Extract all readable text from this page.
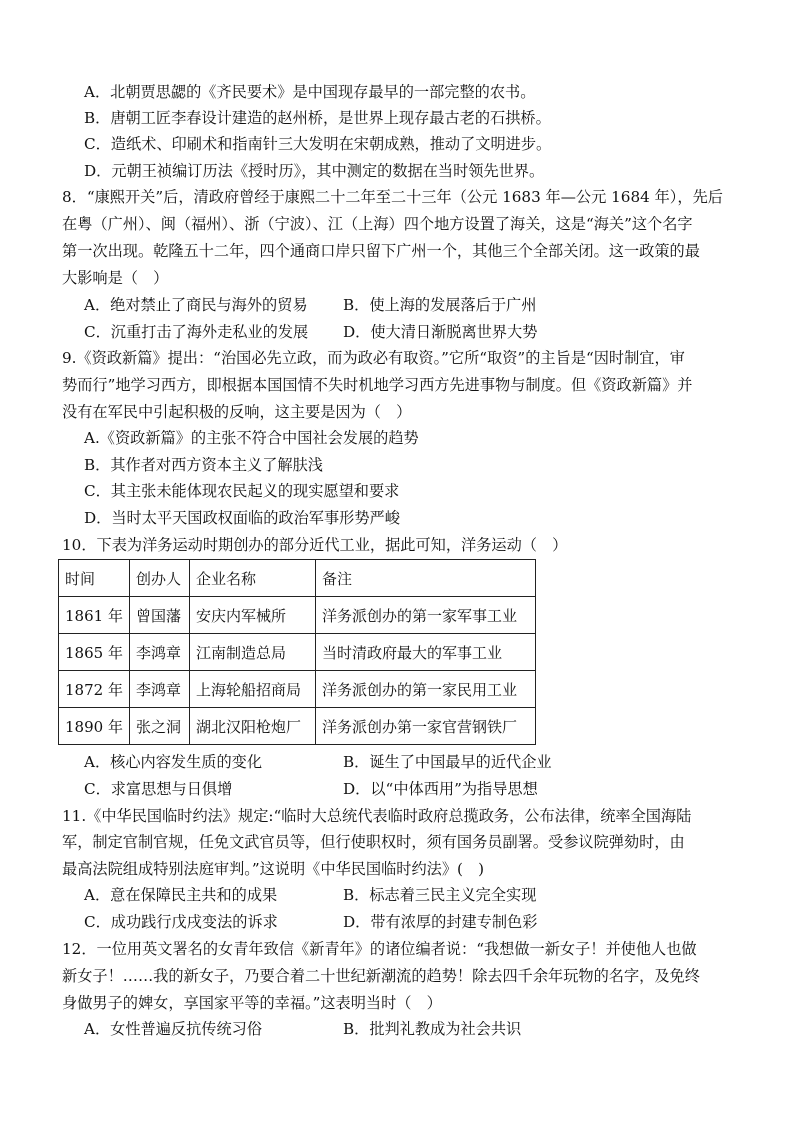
A．北朝贾思勰的《齐民要术》是中国现存最早的一部完整的农书。
B．唐朝工匠李春设计建造的赵州桥，是世界上现存最古老的石拱桥。
C．造纸术、印刷术和指南针三大发明在宋朝成熟，推动了文明进步。
D．元朝王祯编订历法《授时历》，其中测定的数据在当时领先世界。
8．“康熙开关”后，清政府曾经于康熙二十二年至二十三年（公元 1683 年—公元 1684 年），先后
在粤（广州）、闽（福州）、浙（宁波）、江（上海）四个地方设置了海关，这是“海关”这个名字
第一次出现。乾隆五十二年，四个通商口岸只留下广州一个，其他三个全部关闭。这一政策的最
大影响是（　）
A．绝对禁止了商民与海外的贸易 B．使上海的发展落后于广州
C．沉重打击了海外走私业的发展 D．使大清日渐脱离世界大势
9.《资政新篇》提出：“治国必先立政，而为政必有取资。”它所“取资”的主旨是“因时制宜，审
势而行”地学习西方，即根据本国国情不失时机地学习西方先进事物与制度。但《资政新篇》并
没有在军民中引起积极的反响，这主要是因为（　）
A.《资政新篇》的主张不符合中国社会发展的趋势
B．其作者对西方资本主义了解肤浅
C．其主张未能体现农民起义的现实愿望和要求
D．当时太平天国政权面临的政治军事形势严峻
10．下表为洋务运动时期创办的部分近代工业，据此可知，洋务运动（　）
时间	创办人	企业名称	备注
1861 年	曾国藩	安庆内军械所	洋务派创办的第一家军事工业
1865 年	李鸿章	江南制造总局	当时清政府最大的军事工业
1872 年	李鸿章	上海轮船招商局	洋务派创办的第一家民用工业
1890 年	张之洞	湖北汉阳枪炮厂	洋务派创办第一家官营钢铁厂
A．核心内容发生质的变化	B．诞生了中国最早的近代企业
C．求富思想与日俱增	D．以“中体西用”为指导思想
11.《中华民国临时约法》规定:“临时大总统代表临时政府总揽政务，公布法律，统率全国海陆
军，制定官制官规，任免文武官员等，但行使职权时，须有国务员副署。受参议院弹劾时，由
最高法院组成特别法庭审判。”这说明《中华民国临时约法》(　)
A．意在保障民主共和的成果	B．标志着三民主义完全实现
C．成功践行戊戌变法的诉求	D．带有浓厚的封建专制色彩
12．一位用英文署名的女青年致信《新青年》的诸位编者说：“我想做一新女子！并使他人也做
新女子！……我的新女子，乃要合着二十世纪新潮流的趋势！除去四千余年玩物的名字，及免终
身做男子的婢女，享国家平等的幸福。”这表明当时（　）
A．女性普遍反抗传统习俗	B．批判礼教成为社会共识
